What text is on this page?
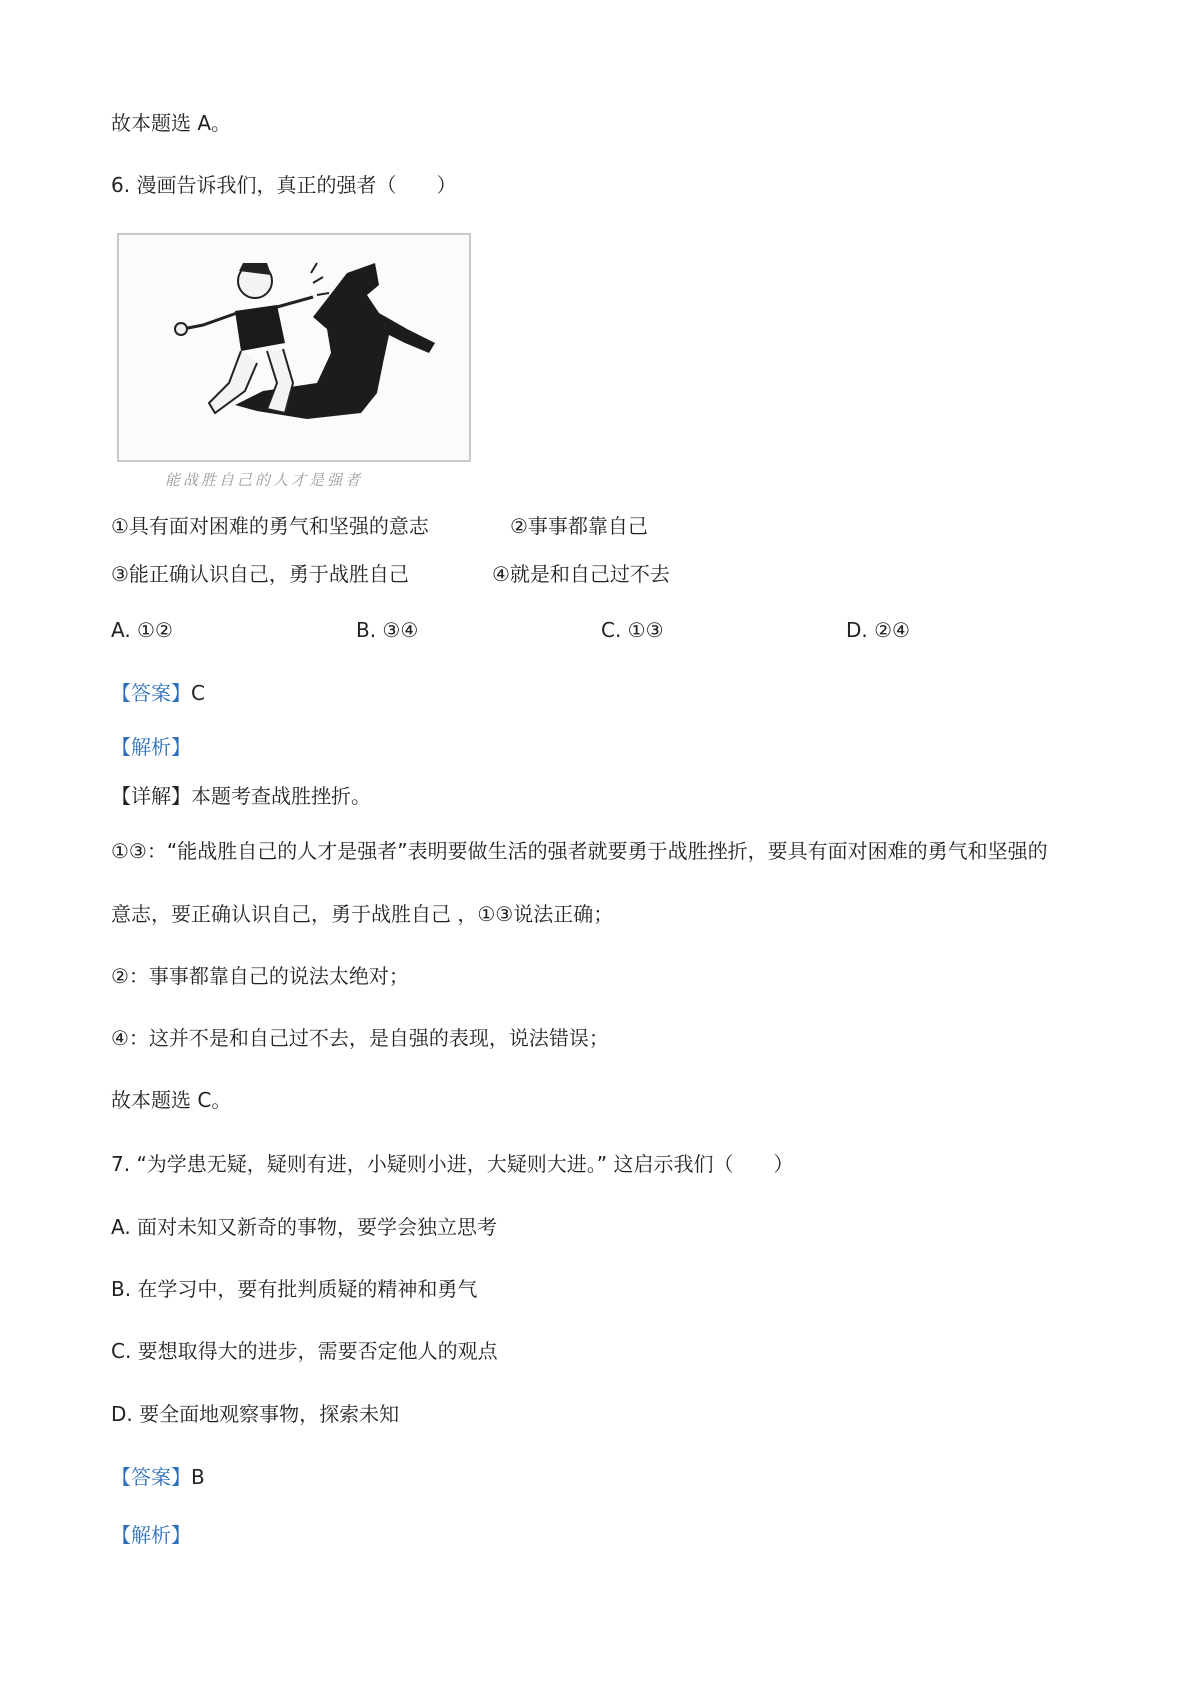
故本题选 A。
6. 漫画告诉我们，真正的强者（　　）
能战胜自己的人才是强者
①具有面对困难的勇气和坚强的意志	②事事都靠自己
③能正确认识自己，勇于战胜自己	④就是和自己过不去
A. ①②	B. ③④	C. ①③	D. ②④
【答案】C
【解析】
【详解】本题考查战胜挫折。
①③：“能战胜自己的人才是强者”表明要做生活的强者就要勇于战胜挫折，要具有面对困难的勇气和坚强的
意志，要正确认识自己，勇于战胜自己 ，①③说法正确；
②：事事都靠自己的说法太绝对；
④：这并不是和自己过不去，是自强的表现，说法错误；
故本题选 C。
7. “为学患无疑，疑则有进，小疑则小进，大疑则大进。” 这启示我们（　　）
A. 面对未知又新奇的事物，要学会独立思考
B. 在学习中，要有批判质疑的精神和勇气
C. 要想取得大的进步，需要否定他人的观点
D. 要全面地观察事物，探索未知
【答案】B
【解析】
